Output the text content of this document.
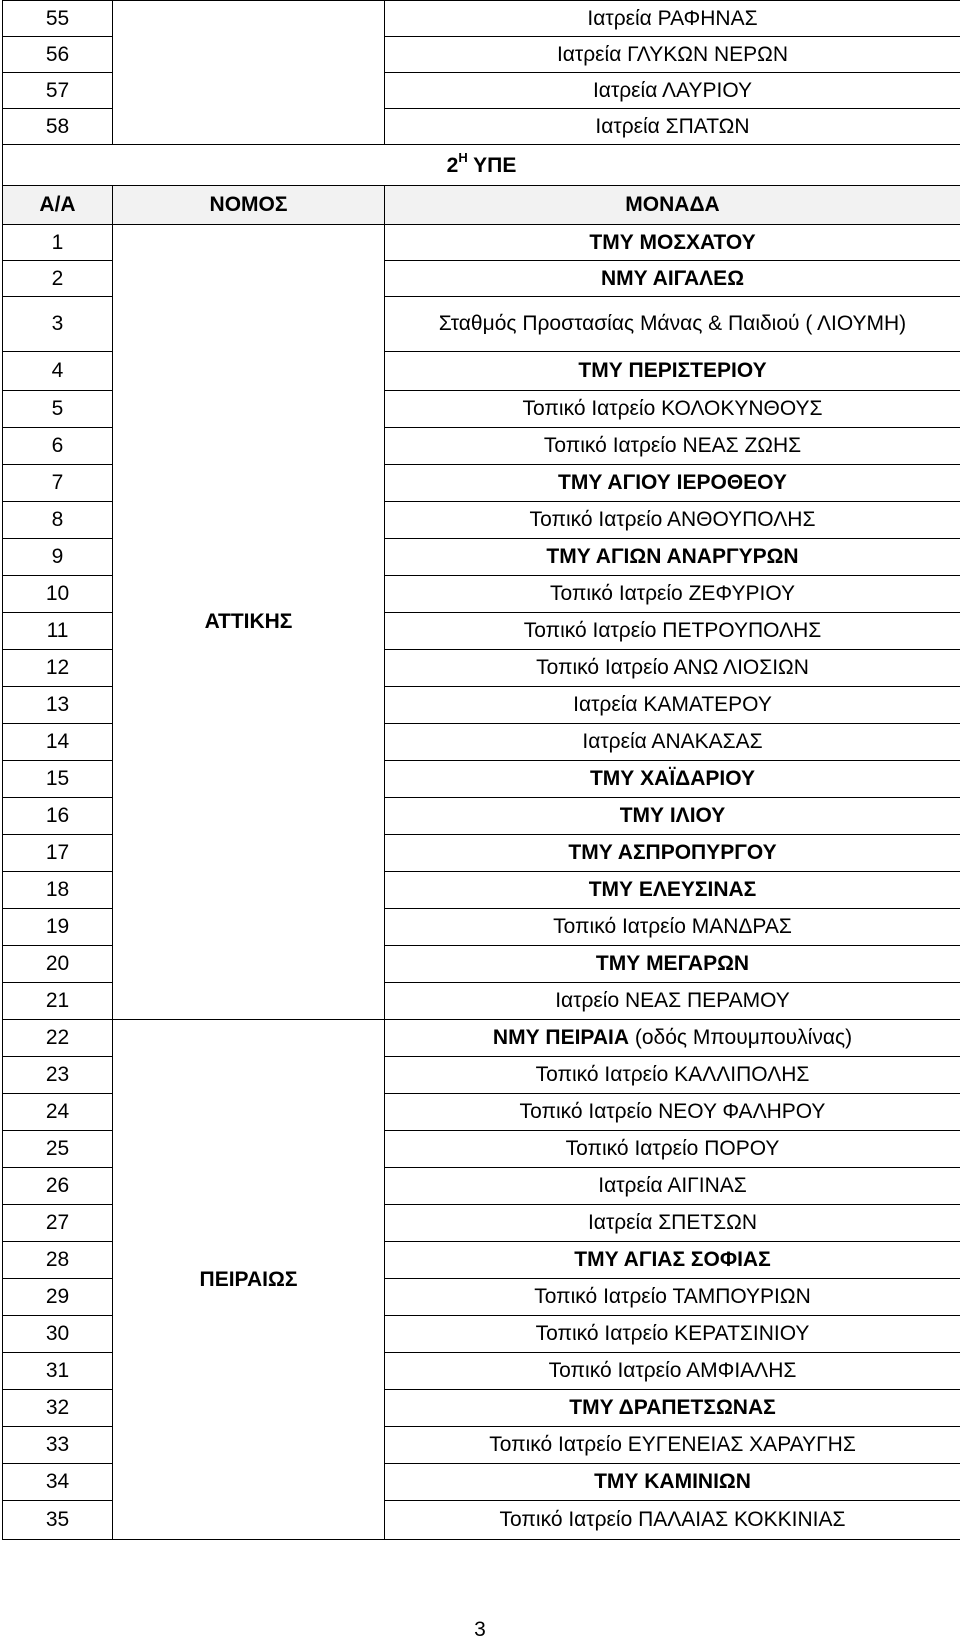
55		Ιατρεία ΡΑΦΗΝΑΣ
56		Ιατρεία ΓΛΥΚΩΝ ΝΕΡΩΝ
57		Ιατρεία ΛΑΥΡΙΟΥ
58		Ιατρεία ΣΠΑΤΩΝ
$2^H$ ΥΠΕ		
Α/Α	ΝΟΜΟΣ	ΜΟΝΑΔΑ
1	ΑΤΤΙΚΗΣ	ΤΜΥ ΜΟΣΧΑΤΟΥ
2		ΝΜΥ ΑΙΓΑΛΕΩ
3		Σταθμός Προστασίας Μάνας & Παιδιού ( ΛΙΟΥΜΗ)
4		ΤΜΥ ΠΕΡΙΣΤΕΡΙΟΥ
5		Τοπικό Ιατρείο ΚΟΛΟΚΥΝΘΟΥΣ
6		Τοπικό Ιατρείο ΝΕΑΣ ΖΩΗΣ
7		ΤΜΥ ΑΓΙΟΥ ΙΕΡΟΘΕΟΥ
8		Τοπικό Ιατρείο ΑΝΘΟΥΠΟΛΗΣ
9		ΤΜΥ ΑΓΙΩΝ ΑΝΑΡΓΥΡΩΝ
10		Τοπικό Ιατρείο ΖΕΦΥΡΙΟΥ
11		Τοπικό Ιατρείο ΠΕΤΡΟΥΠΟΛΗΣ
12		Τοπικό Ιατρείο ΑΝΩ ΛΙΟΣΙΩΝ
13		Ιατρεία ΚΑΜΑΤΕΡΟΥ
14		Ιατρεία ΑΝΑΚΑΣΑΣ
15		ΤΜΥ ΧΑΪΔΑΡΙΟΥ
16		ΤΜΥ ΙΛΙΟΥ
17		ΤΜΥ ΑΣΠΡΟΠΥΡΓΟΥ
18		ΤΜΥ ΕΛΕΥΣΙΝΑΣ
19		Τοπικό Ιατρείο ΜΑΝΔΡΑΣ
20		ΤΜΥ ΜΕΓΑΡΩΝ
21		Ιατρείο ΝΕΑΣ ΠΕΡΑΜΟΥ
22	ΠΕΙΡΑΙΩΣ	ΝΜΥ ΠΕΙΡΑΙΑ (οδός Μπουμπουλίνας)
23		Τοπικό Ιατρείο ΚΑΛΛΙΠΟΛΗΣ
24		Τοπικό Ιατρείο ΝΕΟΥ ΦΑΛΗΡΟΥ
25		Τοπικό Ιατρείο ΠΟΡΟΥ
26		Ιατρεία ΑΙΓΙΝΑΣ
27		Ιατρεία ΣΠΕΤΣΩΝ
28		ΤΜΥ ΑΓΙΑΣ ΣΟΦΙΑΣ
29		Τοπικό Ιατρείο ΤΑΜΠΟΥΡΙΩΝ
30		Τοπικό Ιατρείο ΚΕΡΑΤΣΙΝΙΟΥ
31		Τοπικό Ιατρείο ΑΜΦΙΑΛΗΣ
32		ΤΜΥ ΔΡΑΠΕΤΣΩΝΑΣ
33		Τοπικό Ιατρείο ΕΥΓΕΝΕΙΑΣ ΧΑΡΑΥΓΗΣ
34		ΤΜΥ ΚΑΜΙΝΙΩΝ
35		Τοπικό Ιατρείο ΠΑΛΑΙΑΣ ΚΟΚΚΙΝΙΑΣ
3
